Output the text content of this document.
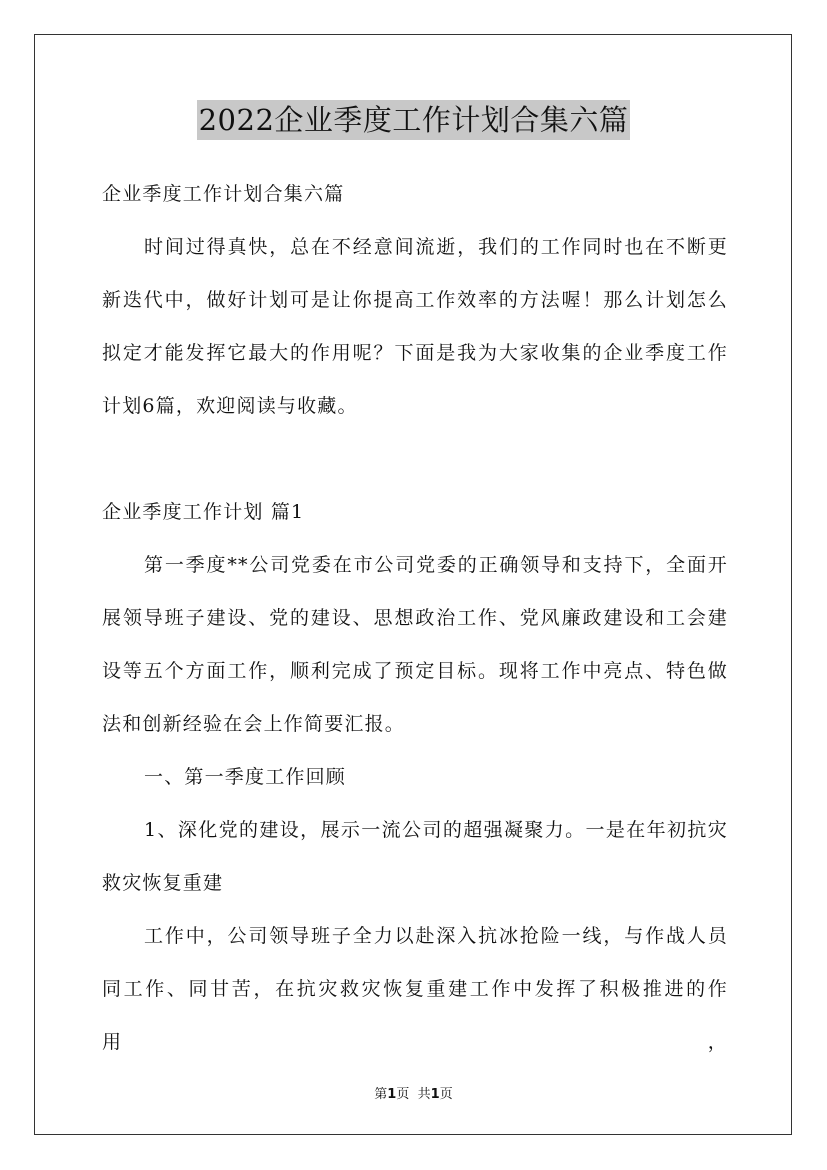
2022企业季度工作计划合集六篇
企业季度工作计划合集六篇
时间过得真快，总在不经意间流逝，我们的工作同时也在不断更
新迭代中，做好计划可是让你提高工作效率的方法喔！那么计划怎么
拟定才能发挥它最大的作用呢？下面是我为大家收集的企业季度工作
计划6篇，欢迎阅读与收藏。
企业季度工作计划 篇1
第一季度**公司党委在市公司党委的正确领导和支持下，全面开
展领导班子建设、党的建设、思想政治工作、党风廉政建设和工会建
设等五个方面工作，顺利完成了预定目标。现将工作中亮点、特色做
法和创新经验在会上作简要汇报。
一、第一季度工作回顾
1、深化党的建设，展示一流公司的超强凝聚力。一是在年初抗灾
救灾恢复重建
工作中，公司领导班子全力以赴深入抗冰抢险一线，与作战人员
同工作、同甘苦，在抗灾救灾恢复重建工作中发挥了积极推进的作用，
第1页 共1页
